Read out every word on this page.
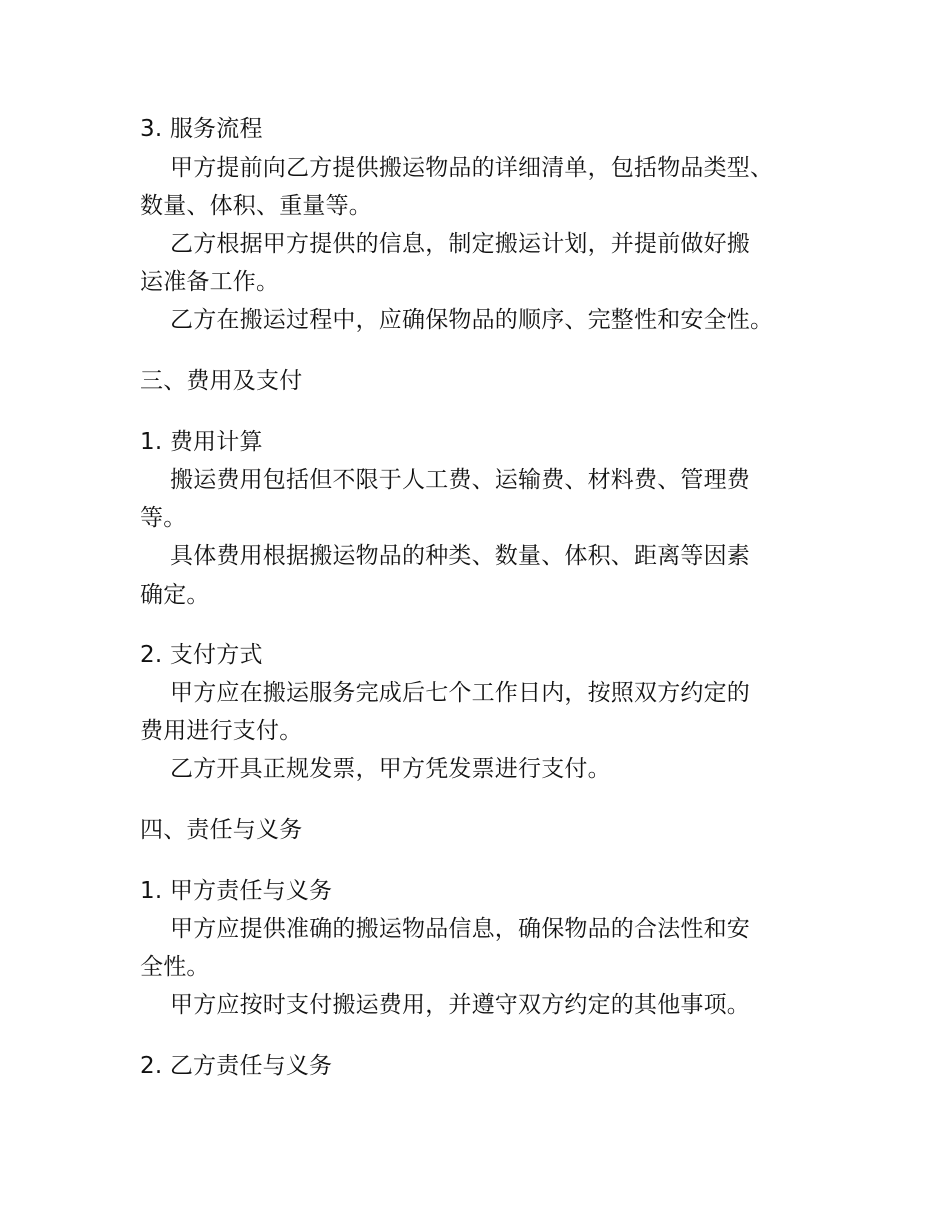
3. 服务流程
甲方提前向乙方提供搬运物品的详细清单，包括物品类型、
数量、体积、重量等。
乙方根据甲方提供的信息，制定搬运计划，并提前做好搬
运准备工作。
乙方在搬运过程中，应确保物品的顺序、完整性和安全性。
三、费用及支付
1. 费用计算
搬运费用包括但不限于人工费、运输费、材料费、管理费
等。
具体费用根据搬运物品的种类、数量、体积、距离等因素
确定。
2. 支付方式
甲方应在搬运服务完成后七个工作日内，按照双方约定的
费用进行支付。
乙方开具正规发票，甲方凭发票进行支付。
四、责任与义务
1. 甲方责任与义务
甲方应提供准确的搬运物品信息，确保物品的合法性和安
全性。
甲方应按时支付搬运费用，并遵守双方约定的其他事项。
2. 乙方责任与义务
